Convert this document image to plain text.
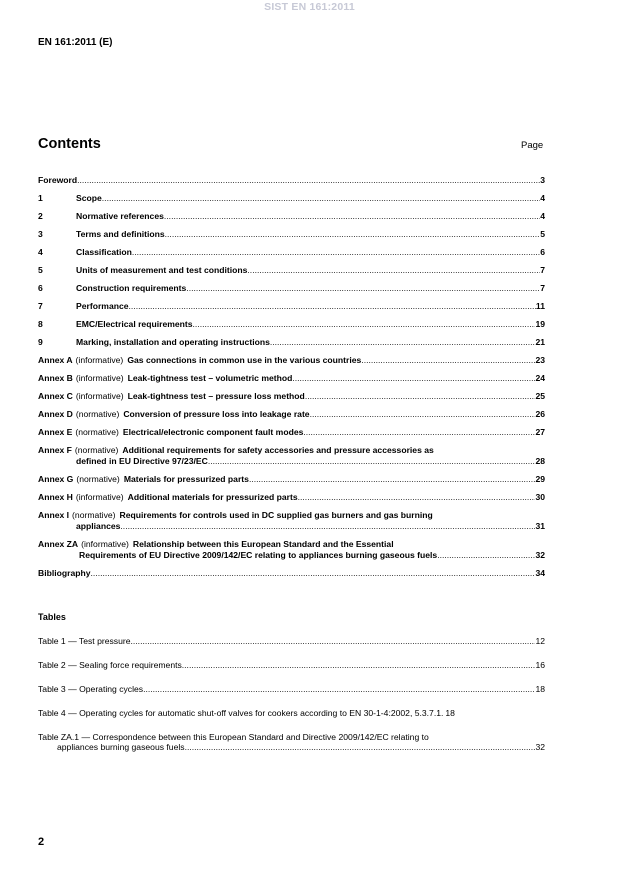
SIST EN 161:2011
EN 161:2011 (E)
Contents	Page
Foreword .....	3
1	Scope .....	4
2	Normative references .....	4
3	Terms and definitions .....	5
4	Classification .....	6
5	Units of measurement and test conditions .....	7
6	Construction requirements .....	7
7	Performance .....	11
8	EMC/Electrical requirements .....	19
9	Marking, installation and operating instructions .....	21
Annex A (informative) Gas connections in common use in the various countries .....	23
Annex B (informative) Leak-tightness test – volumetric method .....	24
Annex C (informative) Leak-tightness test – pressure loss method .....	25
Annex D (normative) Conversion of pressure loss into leakage rate .....	26
Annex E (normative) Electrical/electronic component fault modes .....	27
Annex F (normative) Additional requirements for safety accessories and pressure accessories as
defined in EU Directive 97/23/EC .....	28
Annex G (normative) Materials for pressurized parts .....	29
Annex H (informative) Additional materials for pressurized parts .....	30
Annex I (normative) Requirements for controls used in DC supplied gas burners and gas burning
appliances .....	31
Annex ZA (informative) Relationship between this European Standard and the Essential
Requirements of EU Directive 2009/142/EC relating to appliances burning gaseous fuels .....	32
Bibliography .....	34
Tables
Table 1 — Test pressure .....	12
Table 2 — Sealing force requirements .....	16
Table 3 — Operating cycles .....	18
Table 4 — Operating cycles for automatic shut-off valves for cookers according to EN 30-1-4:2002, 5.3.7.1. 18
Table ZA.1 — Correspondence between this European Standard and Directive 2009/142/EC relating to
appliances burning gaseous fuels .....	32
2
